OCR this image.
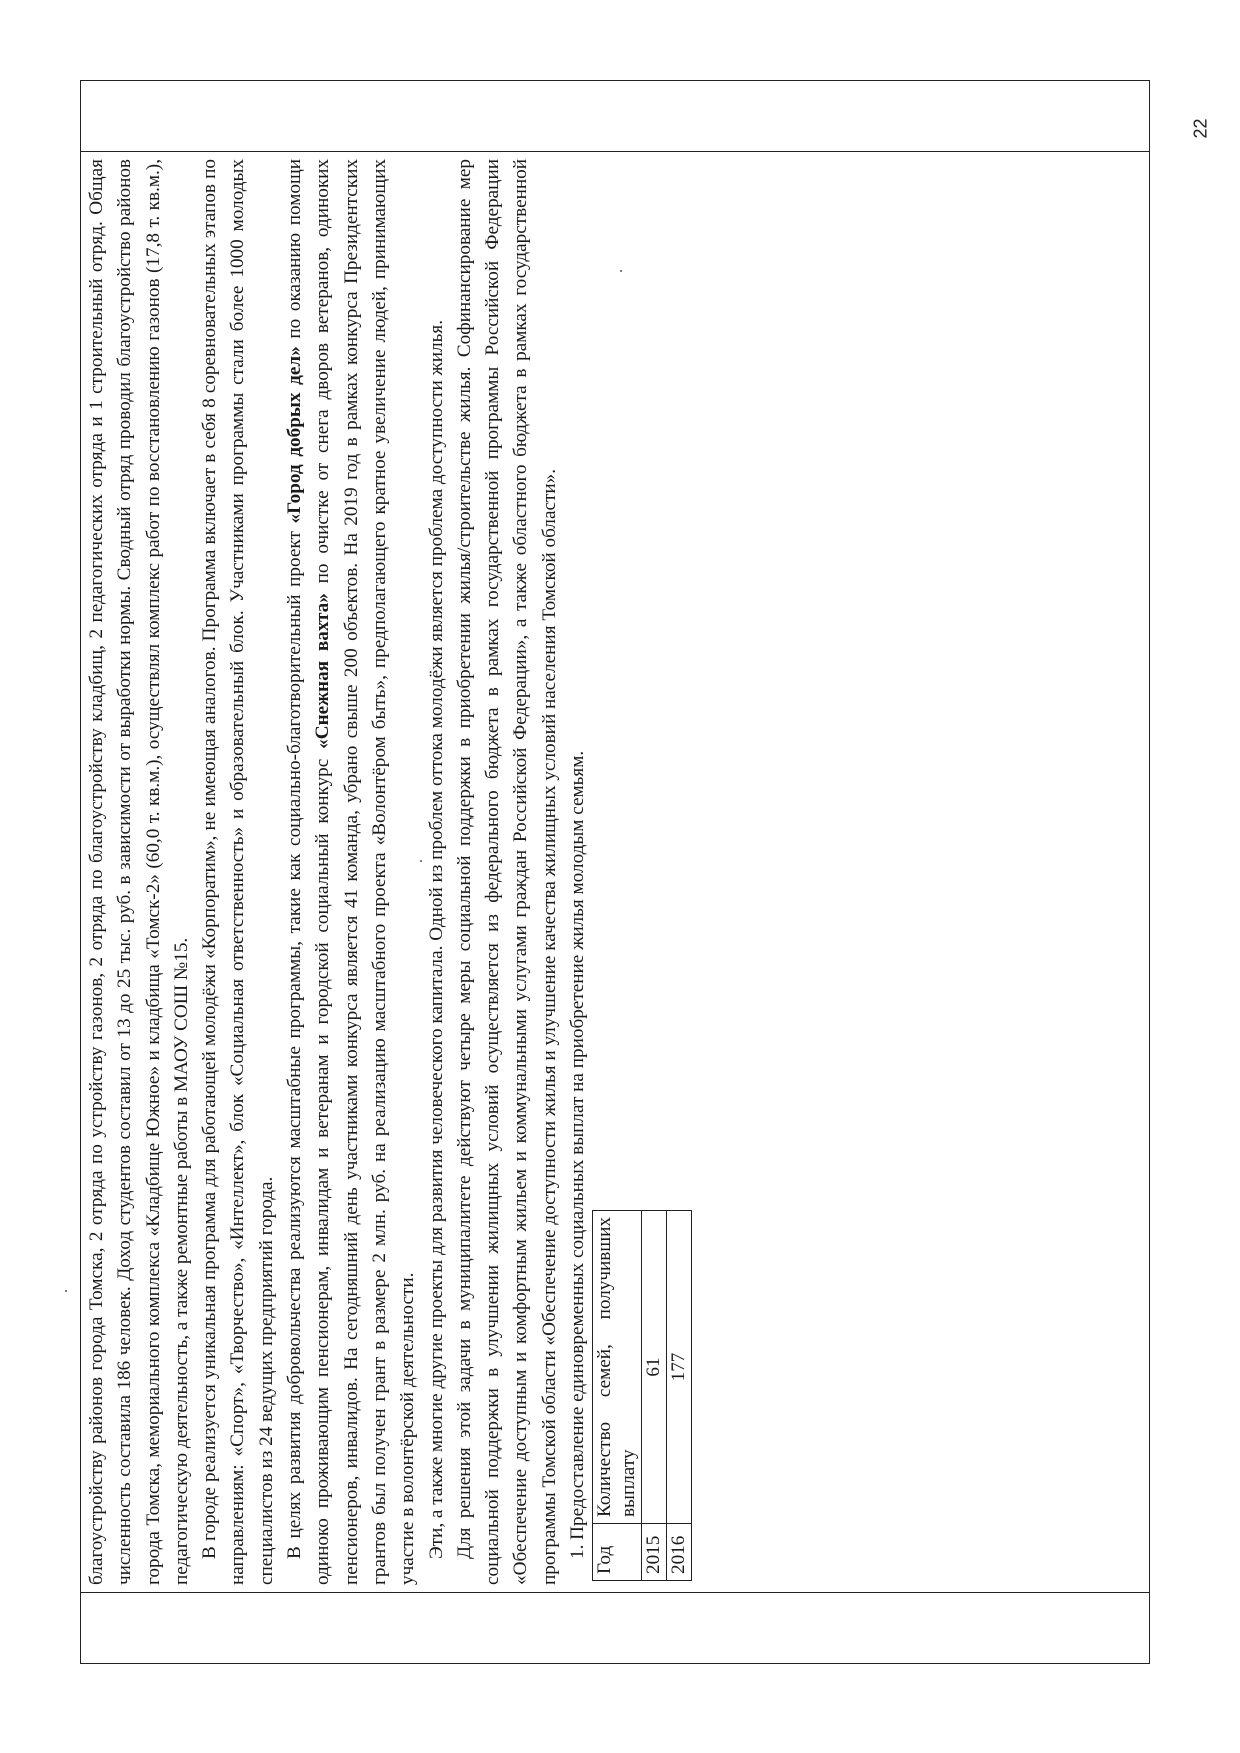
благоустройству районов города Томска, 2 отряда по устройству газонов, 2 отряда по благоустройству кладбищ, 2 педагогических отряда и 1 строительный отряд. Общая численность составила 186 человек. Доход студентов составил от 13 до 25 тыс. руб. в зависимости от выработки нормы. Сводный отряд проводил благоустройство районов города Томска, мемориального комплекса «Кладбище Южное» и кладбища «Томск-2» (60,0 т. кв.м.), осуществлял комплекс работ по восстановлению газонов (17,8 т. кв.м.), педагогическую деятельность, а также ремонтные работы в МАОУ СОШ №15. В городе реализуется уникальная программа для работающей молодёжи «Корпоратим», не имеющая аналогов. Программа включает в себя 8 соревновательных этапов по направлениям: «Спорт», «Творчество», «Интеллект», блок «Социальная ответственность» и образовательный блок. Участниками программы стали более 1000 молодых специалистов из 24 ведущих предприятий города. В целях развития добровольчества реализуются масштабные программы, такие как социально-благотворительный проект «Город добрых дел» по оказанию помощи одиноко проживающим пенсионерам, инвалидам и ветеранам и городской социальный конкурс «Снежная вахта» по очистке от снега дворов ветеранов, одиноких пенсионеров, инвалидов. На сегодняшний день участниками конкурса является 41 команда, убрано свыше 200 объектов. На 2019 год в рамках конкурса Президентских грантов был получен грант в размере 2 млн. руб. на реализацию масштабного проекта «Волонтёром быть», предполагающего кратное увеличение людей, принимающих участие в волонтёрской деятельности. Эти, а также многие другие проекты для развития человеческого капитала. Одной из проблем оттока молодёжи является проблема доступности жилья. Для решения этой задачи в муниципалитете действуют четыре меры социальной поддержки в приобретении жилья/строительстве жилья. Софинансирование мер социальной поддержки в улучшении жилищных условий осуществляется из федерального бюджета в рамках государственной программы Российской Федерации «Обеспечение доступным и комфортным жильем и коммунальными услугами граждан Российской Федерации», а также областного бюджета в рамках государственной программы Томской области «Обеспечение доступности жилья и улучшение качества жилищных условий населения Томской области». 1. Предоставление единовременных социальных выплат на приобретение жилья молодым семьям.

Год	Количество семей, получивших выплату
2015	61
2016	177
22
